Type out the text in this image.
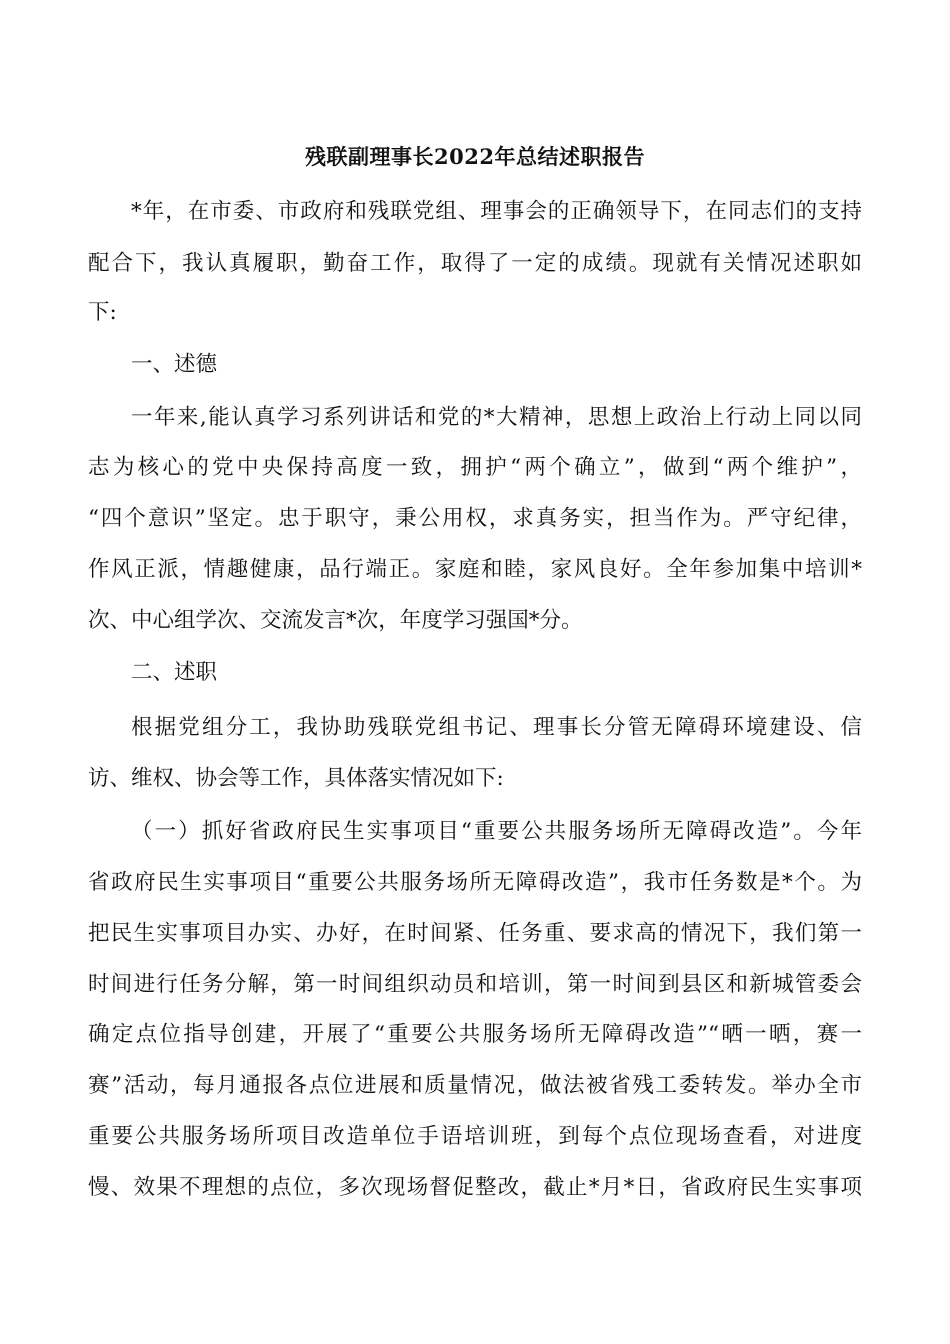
残联副理事长2022年总结述职报告
*年，在市委、市政府和残联党组、理事会的正确领导下，在同志们的支持
配合下，我认真履职，勤奋工作，取得了一定的成绩。现就有关情况述职如
下:
一、述德
一年来,能认真学习系列讲话和党的*大精神，思想上政治上行动上同以同
志为核心的党中央保持高度一致，拥护“两个确立”，做到“两个维护”，
“四个意识”坚定。忠于职守，秉公用权，求真务实，担当作为。严守纪律，
作风正派，情趣健康，品行端正。家庭和睦，家风良好。全年参加集中培训*
次、中心组学次、交流发言*次，年度学习强国*分。
二、述职
根据党组分工，我协助残联党组书记、理事长分管无障碍环境建设、信
访、维权、协会等工作，具体落实情况如下:
（一）抓好省政府民生实事项目“重要公共服务场所无障碍改造”。今年
省政府民生实事项目“重要公共服务场所无障碍改造”，我市任务数是*个。为
把民生实事项目办实、办好，在时间紧、任务重、要求高的情况下，我们第一
时间进行任务分解，第一时间组织动员和培训，第一时间到县区和新城管委会
确定点位指导创建，开展了“重要公共服务场所无障碍改造”“晒一晒，赛一
赛”活动，每月通报各点位进展和质量情况，做法被省残工委转发。举办全市
重要公共服务场所项目改造单位手语培训班，到每个点位现场查看，对进度
慢、效果不理想的点位，多次现场督促整改，截止*月*日，省政府民生实事项
